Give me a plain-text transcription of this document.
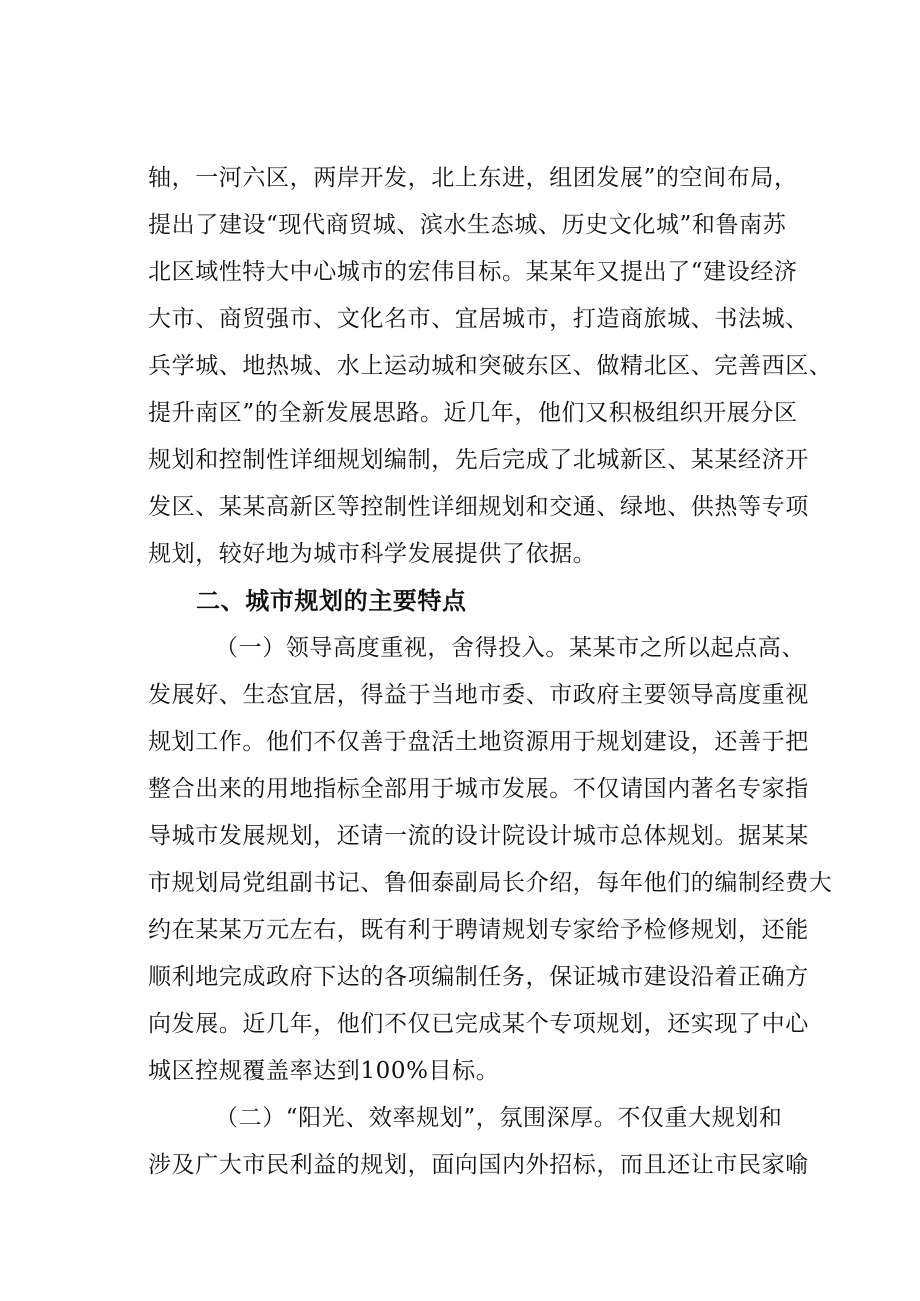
轴，一河六区，两岸开发，北上东进，组团发展”的空间布局，
提出了建设“现代商贸城、滨水生态城、历史文化城”和鲁南苏
北区域性特大中心城市的宏伟目标。某某年又提出了“建设经济
大市、商贸强市、文化名市、宜居城市，打造商旅城、书法城、
兵学城、地热城、水上运动城和突破东区、做精北区、完善西区、
提升南区”的全新发展思路。近几年，他们又积极组织开展分区
规划和控制性详细规划编制，先后完成了北城新区、某某经济开
发区、某某高新区等控制性详细规划和交通、绿地、供热等专项
规划，较好地为城市科学发展提供了依据。
二、城市规划的主要特点
（一）领导高度重视，舍得投入。某某市之所以起点高、
发展好、生态宜居，得益于当地市委、市政府主要领导高度重视
规划工作。他们不仅善于盘活土地资源用于规划建设，还善于把
整合出来的用地指标全部用于城市发展。不仅请国内著名专家指
导城市发展规划，还请一流的设计院设计城市总体规划。据某某
市规划局党组副书记、鲁佃泰副局长介绍，每年他们的编制经费大
约在某某万元左右，既有利于聘请规划专家给予检修规划，还能
顺利地完成政府下达的各项编制任务，保证城市建设沿着正确方
向发展。近几年，他们不仅已完成某个专项规划，还实现了中心
城区控规覆盖率达到100%目标。
（二）“阳光、效率规划”，氛围深厚。不仅重大规划和
涉及广大市民利益的规划，面向国内外招标，而且还让市民家喻
